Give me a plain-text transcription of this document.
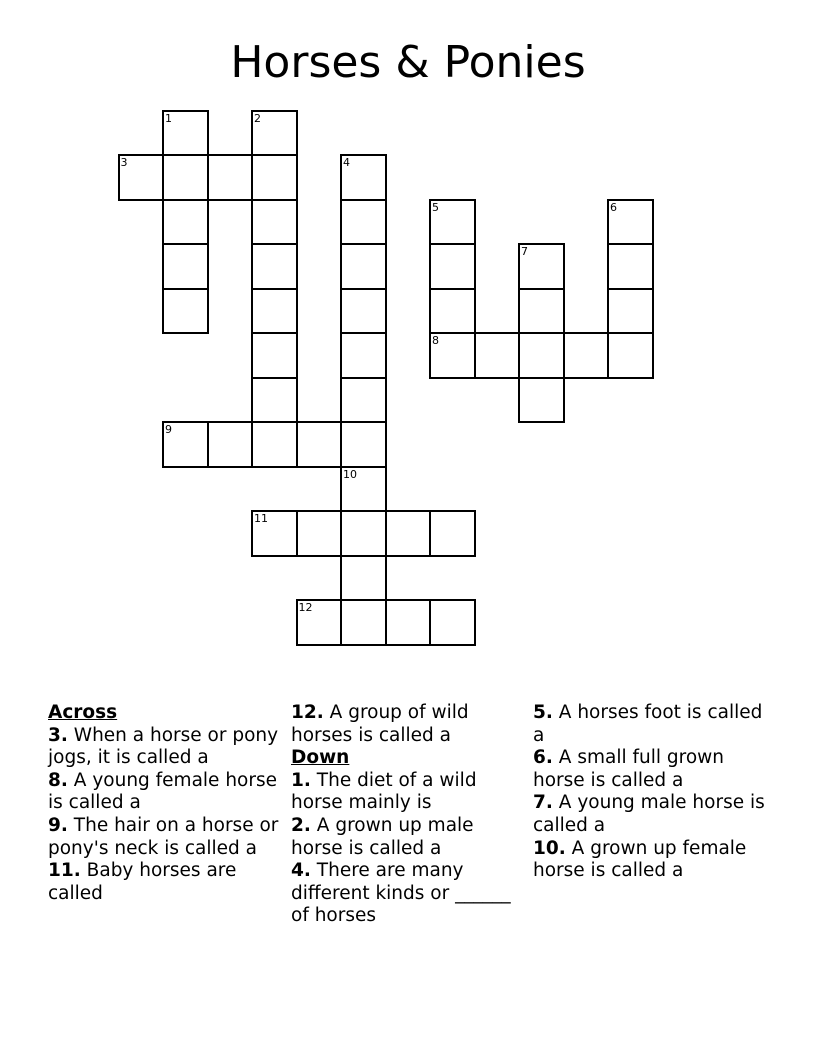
Horses & Ponies
1	2
3	4
5
8
6
7
9
10
11
12
Across
3. When a horse or pony jogs, it is called a
8. A young female horse is called a
9. The hair on a horse or pony's neck is called a
11. Baby horses are called
12. A group of wild horses is called a
Down
1. The diet of a wild horse mainly is
2. A grown up male horse is called a
4. There are many different kinds or ______ of horses
5. A horses foot is called a
6. A small full grown horse is called a
7. A young male horse is called a
10. A grown up female horse is called a
